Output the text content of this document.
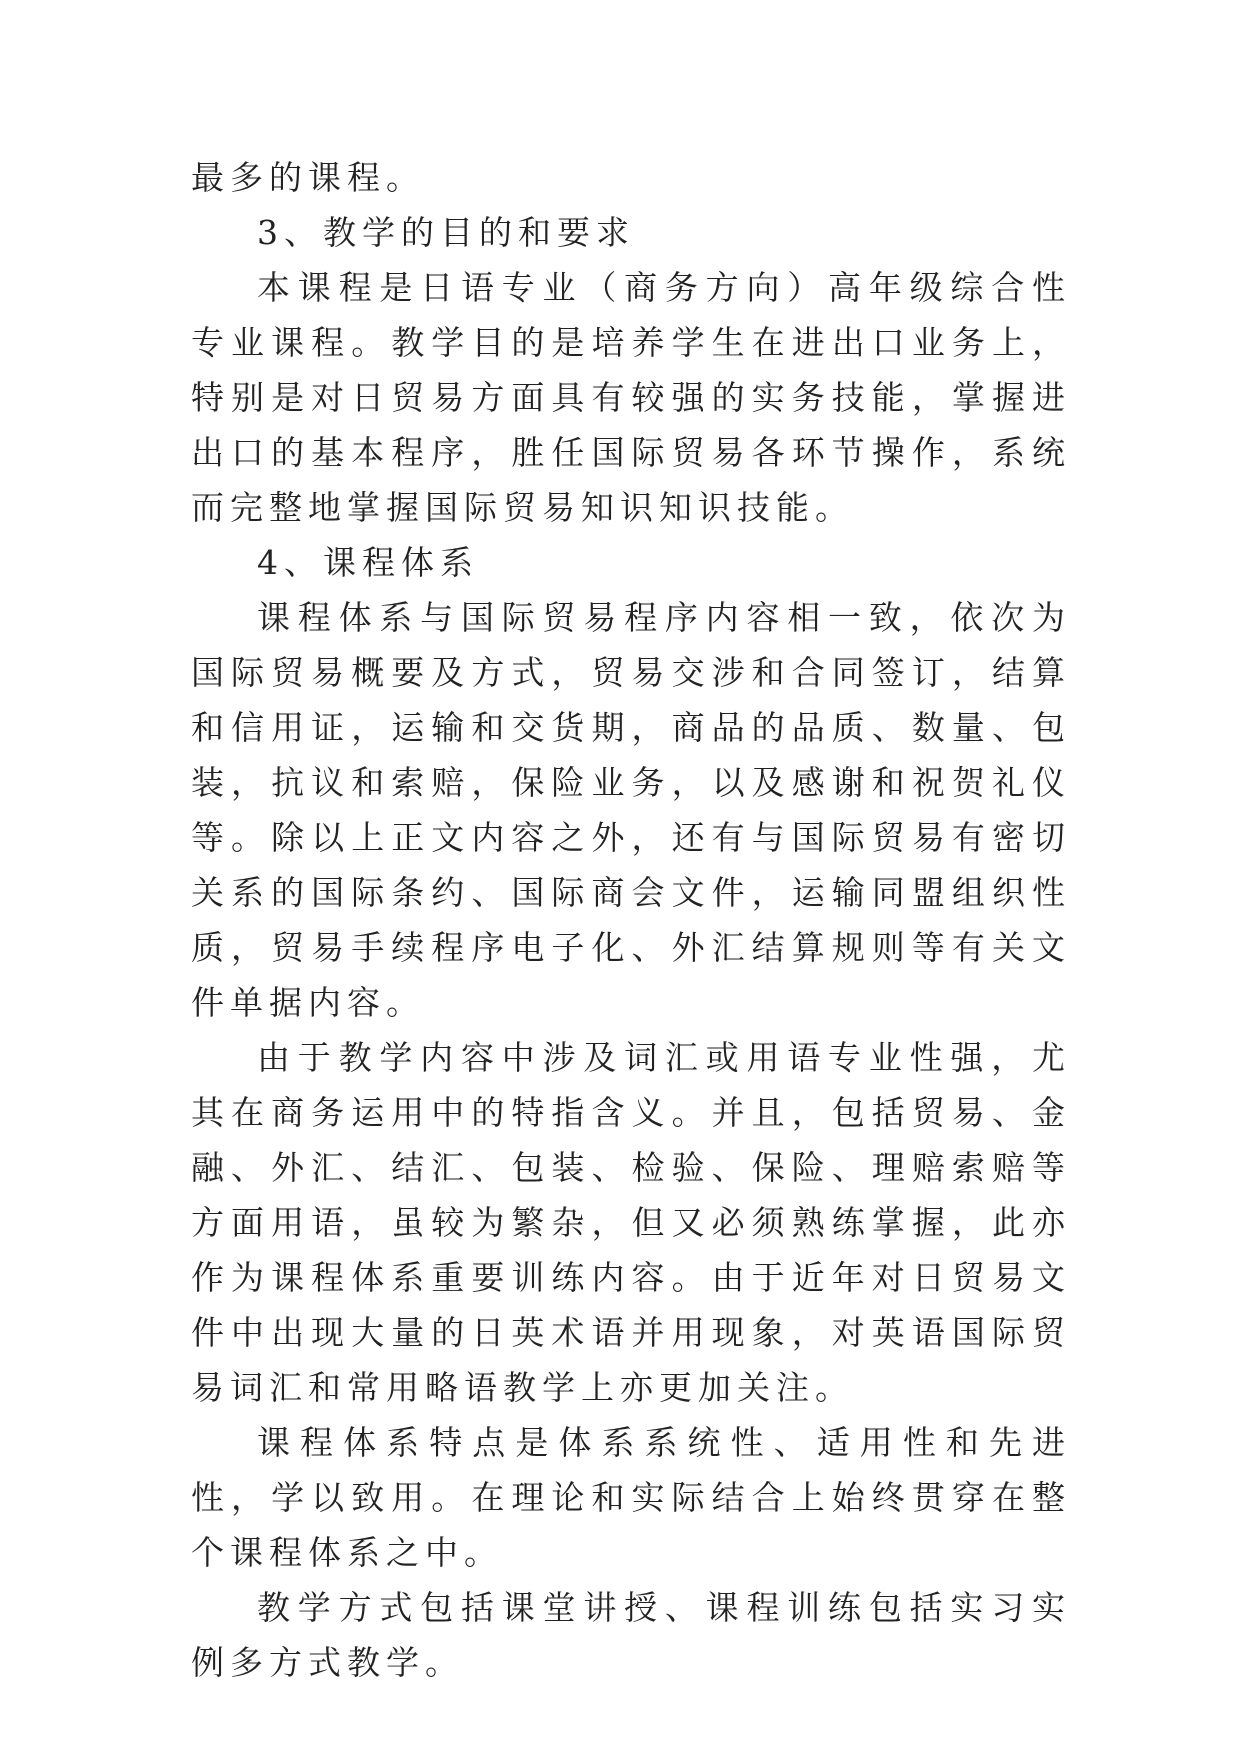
最多的课程。

3、教学的目的和要求

本课程是日语专业（商务方向）高年级综合性专业课程。教学目的是培养学生在进出口业务上，特别是对日贸易方面具有较强的实务技能，掌握进出口的基本程序，胜任国际贸易各环节操作，系统而完整地掌握国际贸易知识知识技能。

4、课程体系

课程体系与国际贸易程序内容相一致，依次为国际贸易概要及方式，贸易交涉和合同签订，结算和信用证，运输和交货期，商品的品质、数量、包装，抗议和索赔，保险业务，以及感谢和祝贺礼仪等。除以上正文内容之外，还有与国际贸易有密切关系的国际条约、国际商会文件，运输同盟组织性质，贸易手续程序电子化、外汇结算规则等有关文件单据内容。

由于教学内容中涉及词汇或用语专业性强，尤其在商务运用中的特指含义。并且，包括贸易、金融、外汇、结汇、包装、检验、保险、理赔索赔等方面用语，虽较为繁杂，但又必须熟练掌握，此亦作为课程体系重要训练内容。由于近年对日贸易文件中出现大量的日英术语并用现象，对英语国际贸易词汇和常用略语教学上亦更加关注。

课程体系特点是体系系统性、适用性和先进性，学以致用。在理论和实际结合上始终贯穿在整个课程体系之中。

教学方式包括课堂讲授、课程训练包括实习实例多方式教学。
